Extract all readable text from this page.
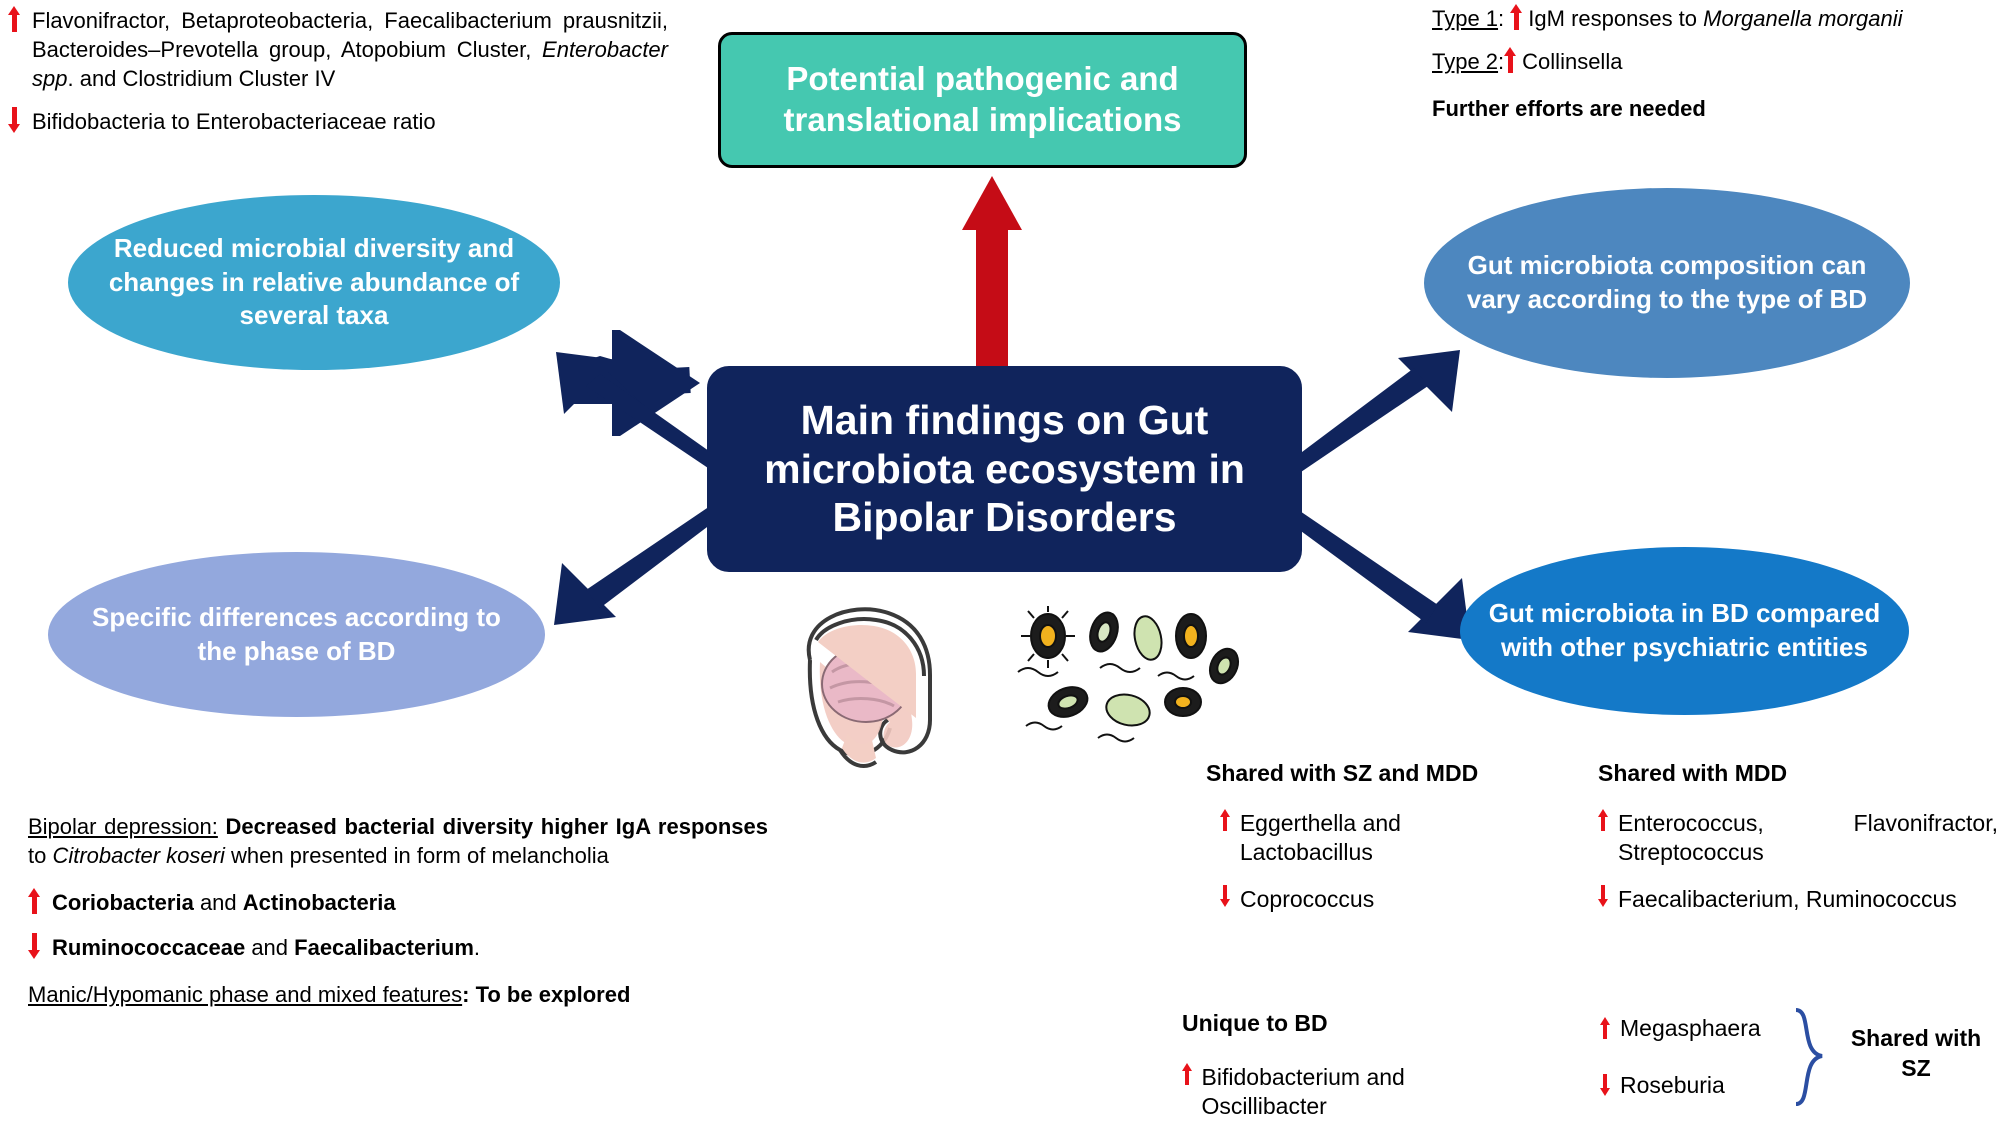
Potential pathogenic and translational implications
Main findings on Gut microbiota ecosystem in Bipolar Disorders
Reduced microbial diversity and changes in relative abundance of several taxa
Specific differences according to the phase of BD
Gut microbiota composition can vary according to the type of BD
Gut microbiota in BD compared with other psychiatric entities
Flavonifractor, Betaproteobacteria, Faecalibacterium prausnitzii, Bacteroides–Prevotella group, Atopobium Cluster, Enterobacter spp. and Clostridium Cluster IV
Bifidobacteria to Enterobacteriaceae ratio
Type 1 : IgM responses to Morganella morganii
Type 2 : Collinsella
Further efforts are needed
Bipolar depression: Decreased bacterial diversity higher IgA responses to Citrobacter koseri when presented in form of melancholia
Coriobacteria and Actinobacteria
Ruminococcaceae and Faecalibacterium.
Manic/Hypomanic phase and mixed features: To be explored
Shared with SZ and MDD
Eggerthella and Lactobacillus
Coprococcus
Shared with MDD
Enterococcus,           Flavonifractor, Streptococcus
Faecalibacterium, Ruminococcus
Unique to BD
Bifidobacterium and Oscillibacter
Megasphaera
Roseburia
Shared with SZ
